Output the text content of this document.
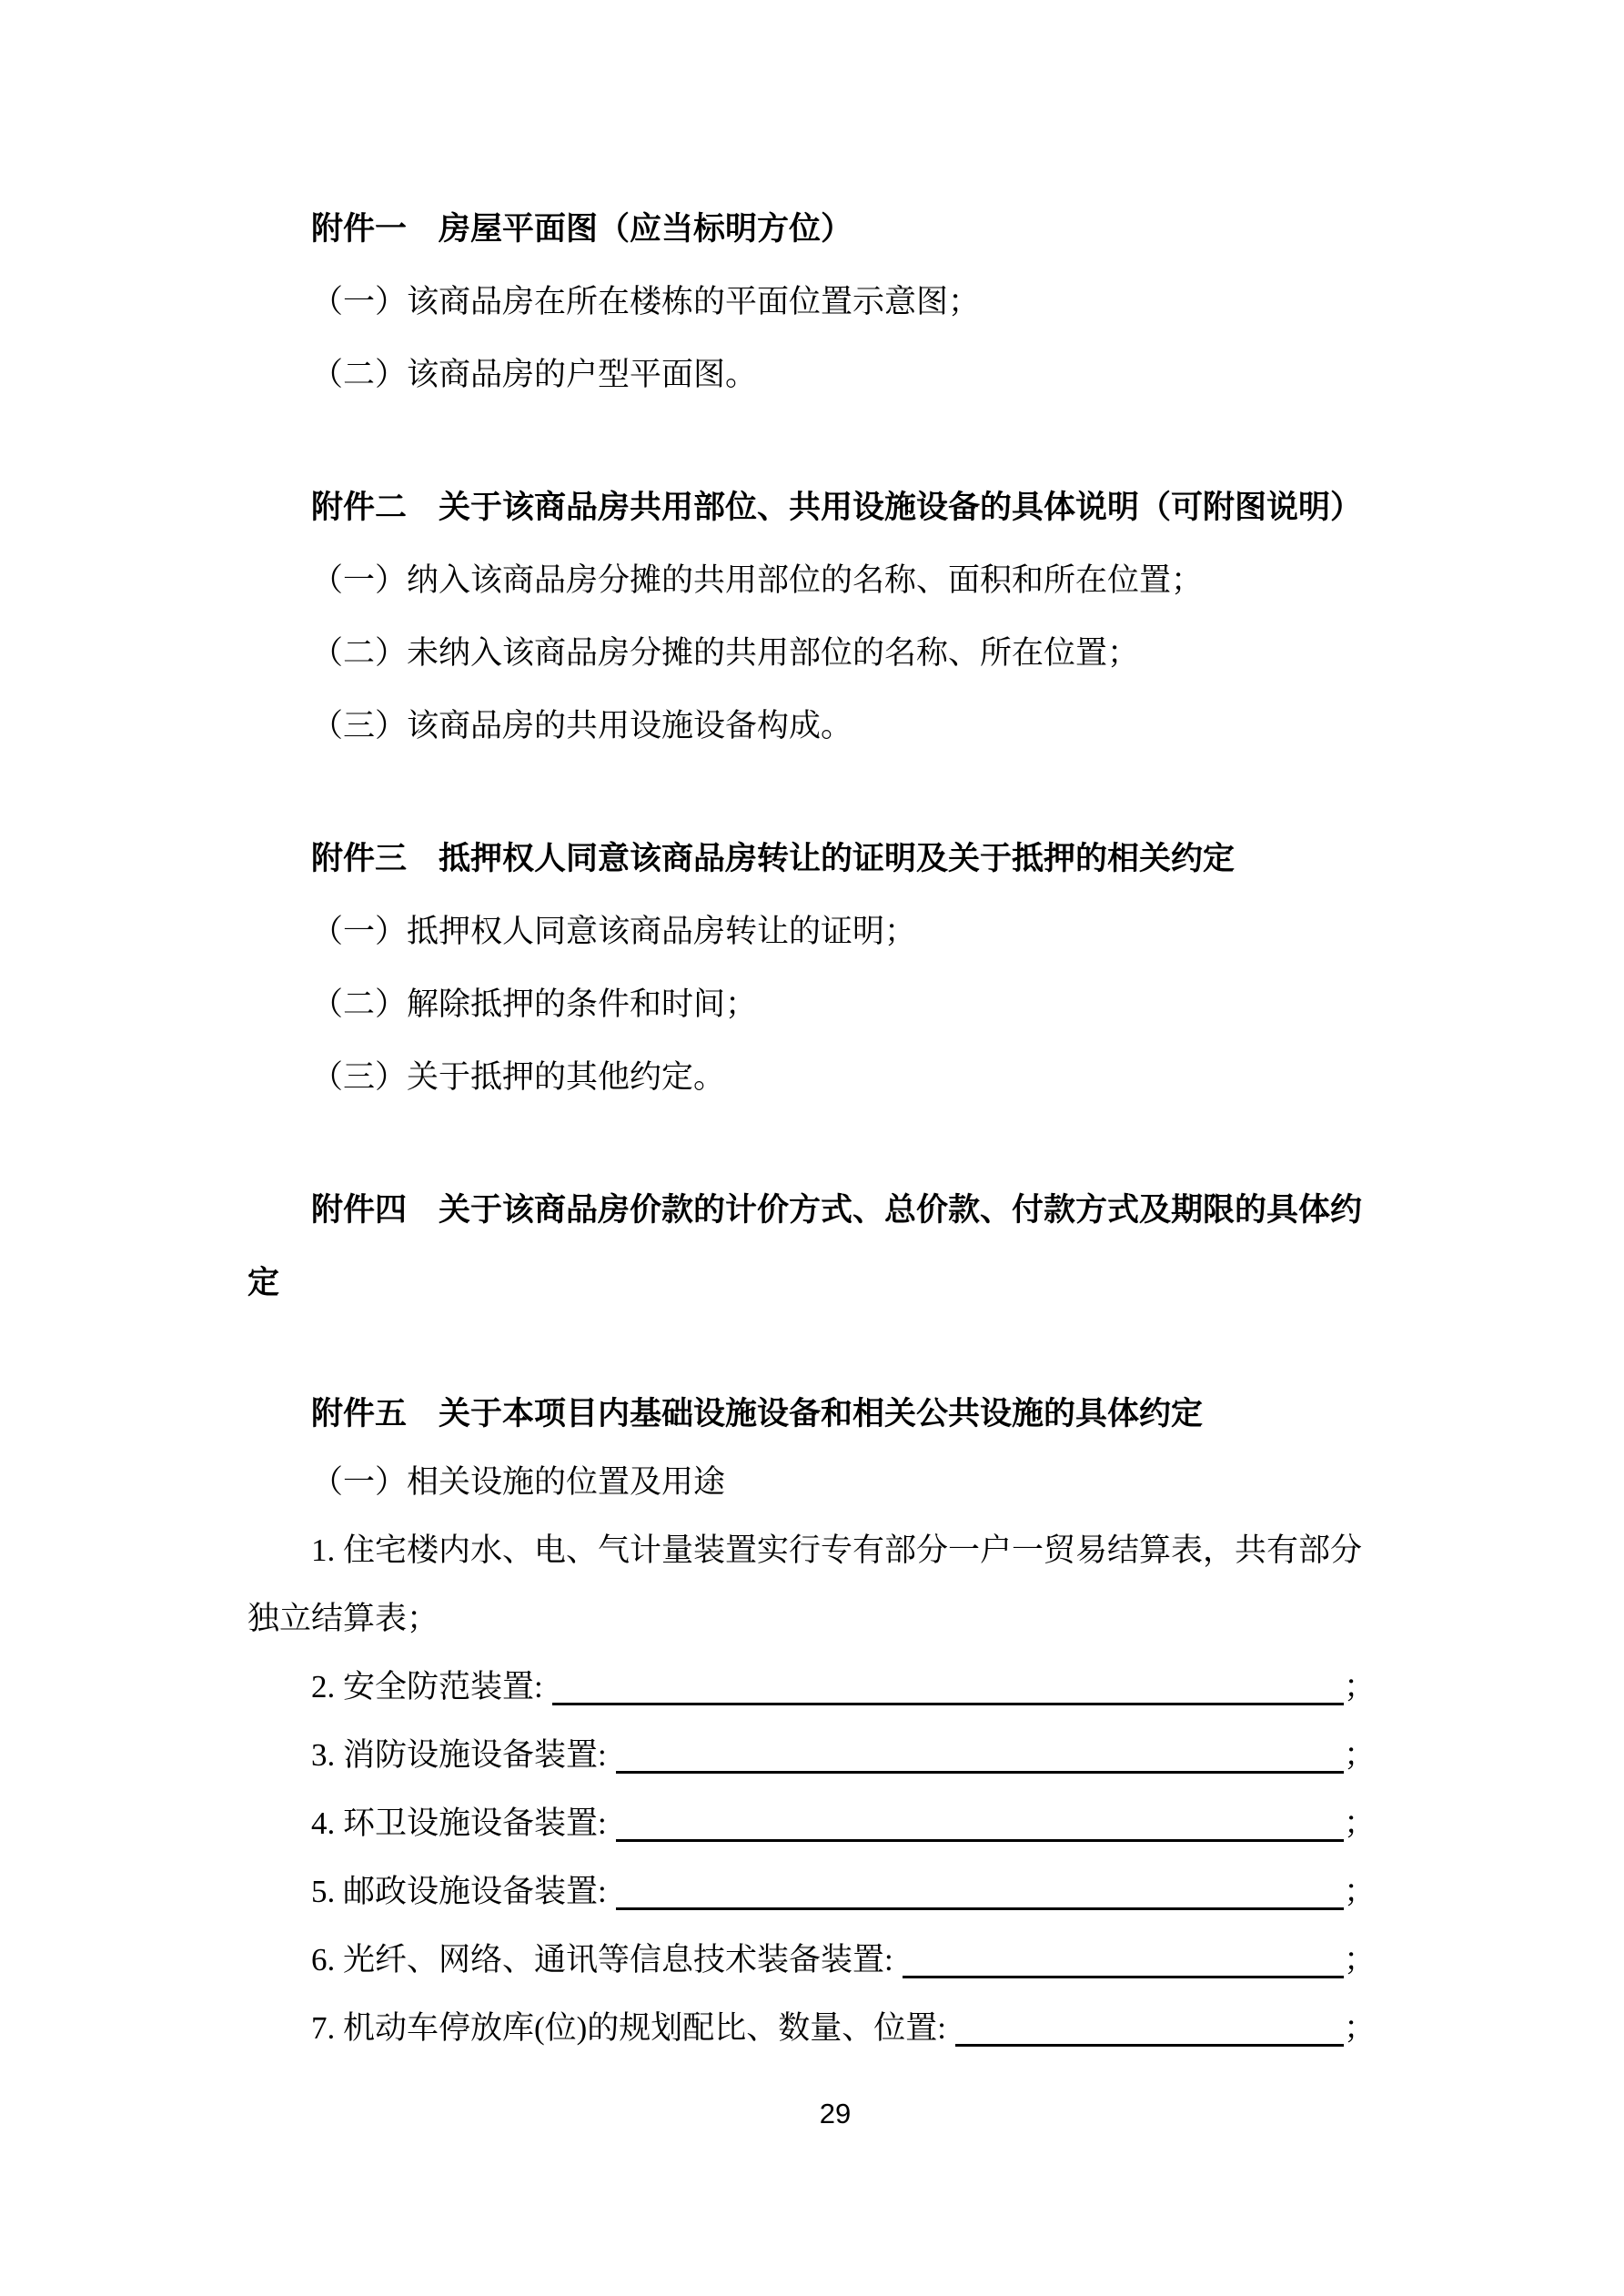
附件一　房屋平面图（应当标明方位）
（一）该商品房在所在楼栋的平面位置示意图；
（二）该商品房的户型平面图。
附件二　关于该商品房共用部位、共用设施设备的具体说明（可附图说明）
（一）纳入该商品房分摊的共用部位的名称、面积和所在位置；
（二）未纳入该商品房分摊的共用部位的名称、所在位置；
（三）该商品房的共用设施设备构成。
附件三　抵押权人同意该商品房转让的证明及关于抵押的相关约定
（一）抵押权人同意该商品房转让的证明；
（二）解除抵押的条件和时间；
（三）关于抵押的其他约定。
附件四　关于该商品房价款的计价方式、总价款、付款方式及期限的具体约
定
附件五　关于本项目内基础设施设备和相关公共设施的具体约定
（一）相关设施的位置及用途
1. 住宅楼内水、电、气计量装置实行专有部分一户一贸易结算表，共有部分
独立结算表；
2. 安全防范装置:	；
3. 消防设施设备装置:	；
4. 环卫设施设备装置:	；
5. 邮政设施设备装置:	；
6. 光纤、网络、通讯等信息技术装备装置:	；
7. 机动车停放库(位)的规划配比、数量、位置:	；
29
